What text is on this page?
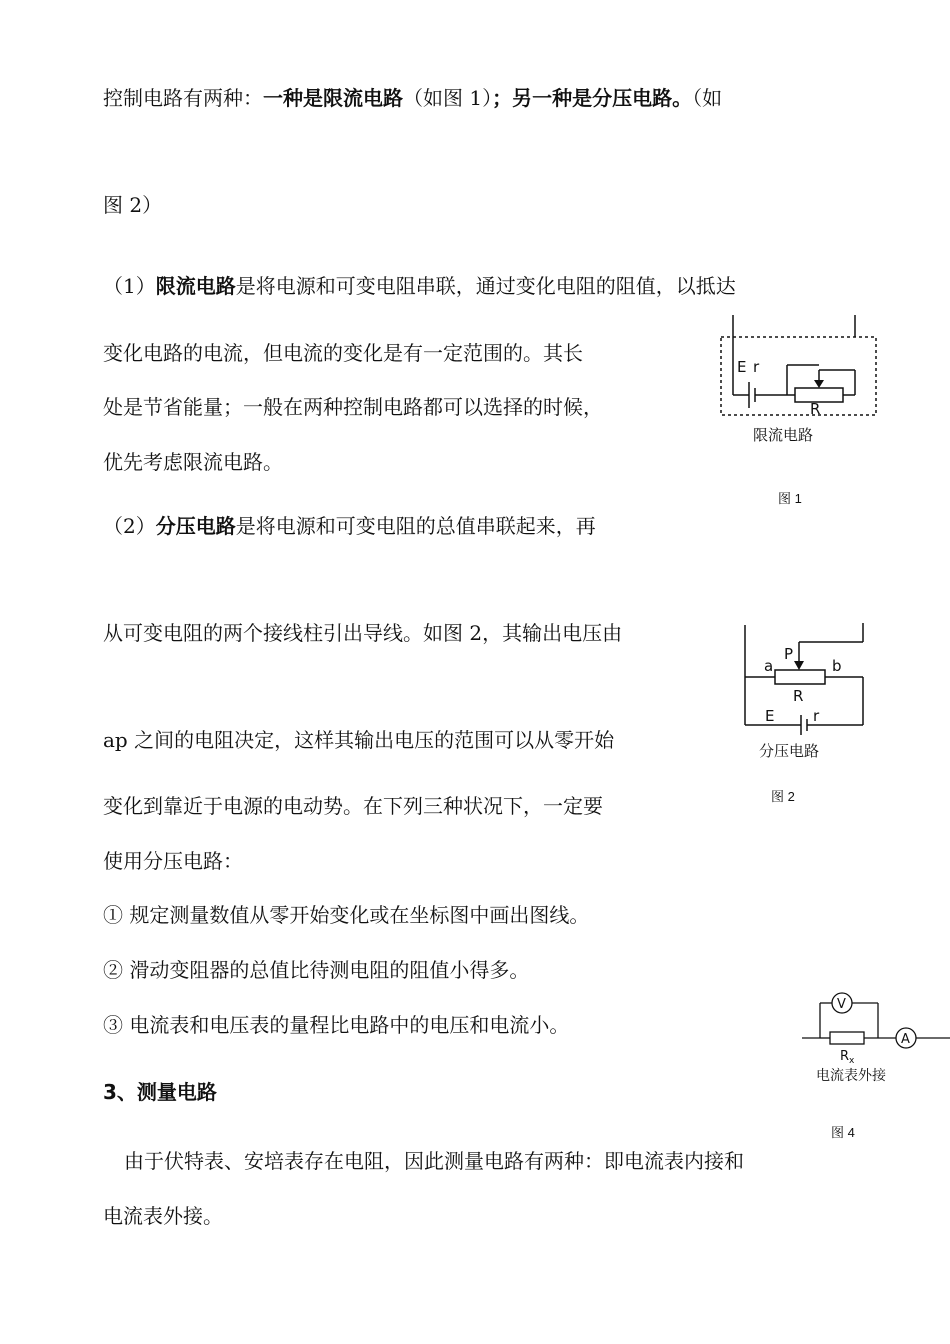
控制电路有两种：一种是限流电路（如图 1）；另一种是分压电路。（如
图 2）
（1）限流电路是将电源和可变电阻串联，通过变化电阻的阻值，以抵达
变化电路的电流，但电流的变化是有一定范围的。其长
处是节省能量；一般在两种控制电路都可以选择的时候，
优先考虑限流电路。
（2）分压电路是将电源和可变电阻的总值串联起来，再
从可变电阻的两个接线柱引出导线。如图 2，其输出电压由
ap 之间的电阻决定，这样其输出电压的范围可以从零开始
变化到靠近于电源的电动势。在下列三种状况下，一定要
使用分压电路：
① 规定测量数值从零开始变化或在坐标图中画出图线。
② 滑动变阻器的总值比待测电阻的阻值小得多。
③ 电流表和电压表的量程比电路中的电压和电流小。
3、测量电路
由于伏特表、安培表存在电阻，因此测量电路有两种：即电流表内接和
电流表外接。
E r
R
限流电路
图 1
a
P
b
R
E	r
分压电路
图 2
V
A
R x
电流表外接
图 4
